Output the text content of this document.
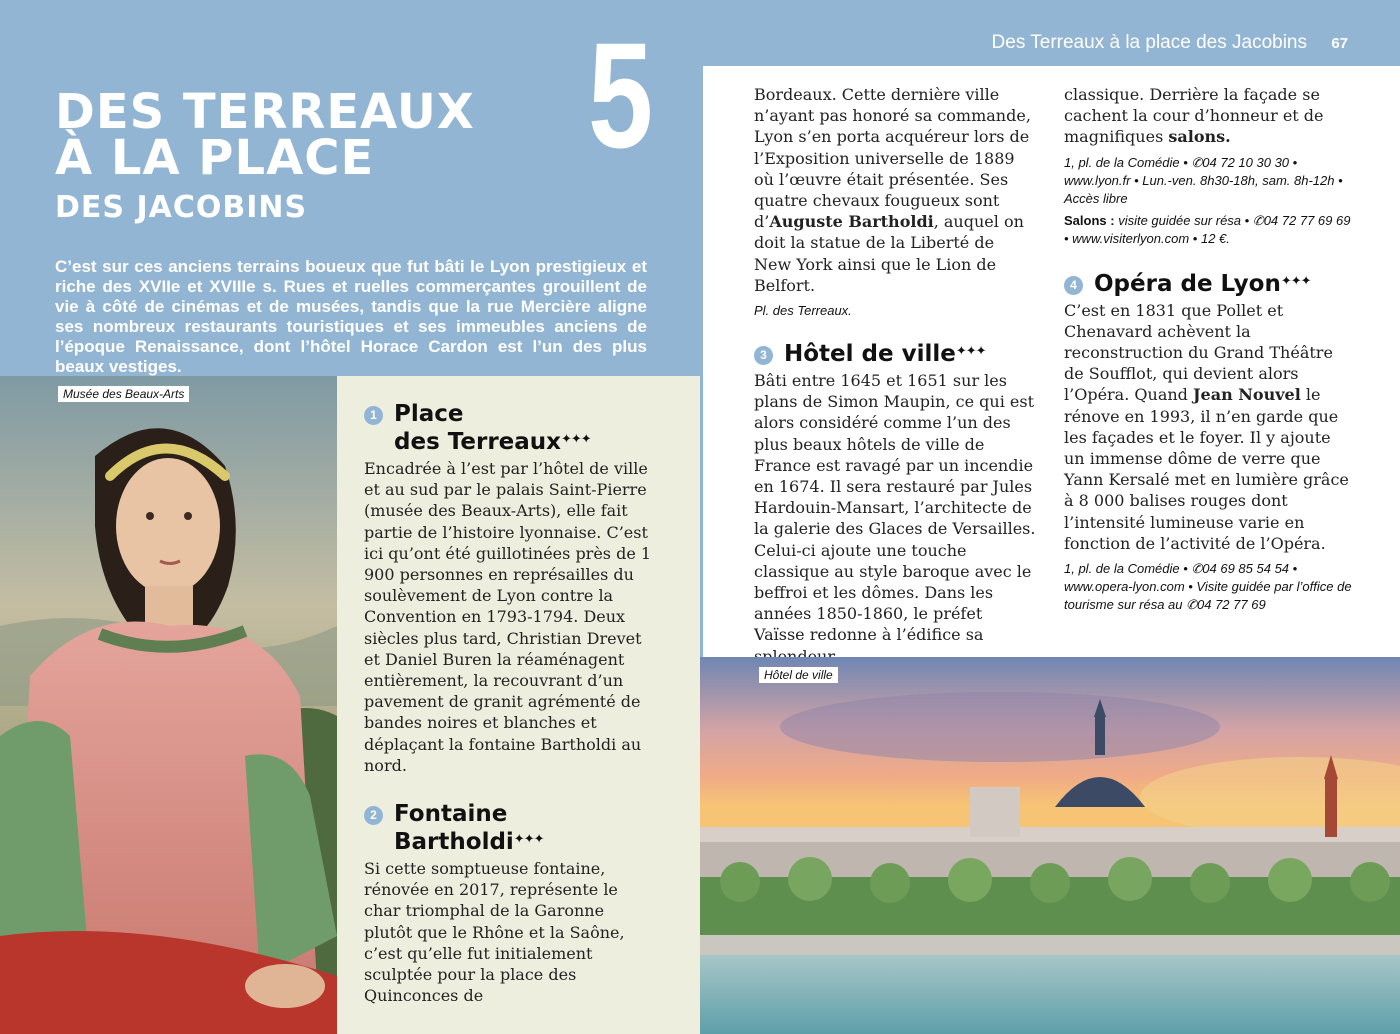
5
DES TERREAUX
À LA PLACE
DES JACOBINS

C’est sur ces anciens terrains boueux que fut bâti le Lyon prestigieux et riche des XVIIe et XVIIIe s. Rues et ruelles commerçantes grouillent de vie à côté de cinémas et de musées, tandis que la rue Mercière aligne ses nombreux restaurants touristiques et ses immeubles anciens de l’époque Renaissance, dont l’hôtel Horace Cardon est l’un des plus beaux vestiges.

Musée des Beaux-Arts
1 Place
des Terreaux✦✦✦

Encadrée à l’est par l’hôtel de ville et au sud par le palais Saint-Pierre (musée des Beaux-Arts), elle fait partie de l’histoire lyonnaise. C’est ici qu’ont été guillotinées près de 1 900 personnes en représailles du soulèvement de Lyon contre la Convention en 1793-1794. Deux siècles plus tard, Christian Drevet et Daniel Buren la réaménagent entièrement, la recouvrant d’un pavement de granit agrémenté de bandes noires et blanches et déplaçant la fontaine Bartholdi au nord.

2 Fontaine
Bartholdi✦✦✦

Si cette somptueuse fontaine, rénovée en 2017, représente le char triomphal de la Garonne plutôt que le Rhône et la Saône, c’est qu’elle fut initialement sculptée pour la place des Quinconces de

Des Terreaux à la place des Jacobins 67

Bordeaux. Cette dernière ville n’ayant pas honoré sa commande, Lyon s’en porta acquéreur lors de l’Exposition universelle de 1889 où l’œuvre était présentée. Ses quatre chevaux fougueux sont d’Auguste Bartholdi, auquel on doit la statue de la Liberté de New York ainsi que le Lion de Belfort.

Pl. des Terreaux.

3 Hôtel de ville✦✦✦

Bâti entre 1645 et 1651 sur les plans de Simon Maupin, ce qui est alors considéré comme l’un des plus beaux hôtels de ville de France est ravagé par un incendie en 1674. Il sera restauré par Jules Hardouin-Mansart, l’architecte de la galerie des Glaces de Versailles. Celui-ci ajoute une touche classique au style baroque avec le beffroi et les dômes. Dans les années 1850-1860, le préfet Vaïsse redonne à l’édifice sa

classique. Derrière la façade se cachent la cour d’honneur et de magnifiques salons.

1, pl. de la Comédie • ✆04 72 10 30 30 • www.lyon.fr • Lun.-ven. 8h30-18h, sam. 8h-12h • Accès libre

Salons : visite guidée sur résa • ✆04 72 77 69 69 • www.visiterlyon.com • 12 €.

4 Opéra de Lyon✦✦✦

C’est en 1831 que Pollet et Chenavard achèvent la reconstruction du Grand Théâtre de Soufflot, qui devient alors l’Opéra. Quand Jean Nouvel le rénove en 1993, il n’en garde que les façades et le foyer. Il y ajoute un immense dôme de verre que Yann Kersalé met en lumière grâce à 8 000 balises rouges dont l’intensité lumineuse varie en fonction de l’activité de l’Opéra.

1, pl. de la Comédie • ✆04 69 85 54 54 • www.opera-lyon.com • Visite guidée par l’office de tourisme sur résa au ✆04 72 77 69

Hôtel de ville
